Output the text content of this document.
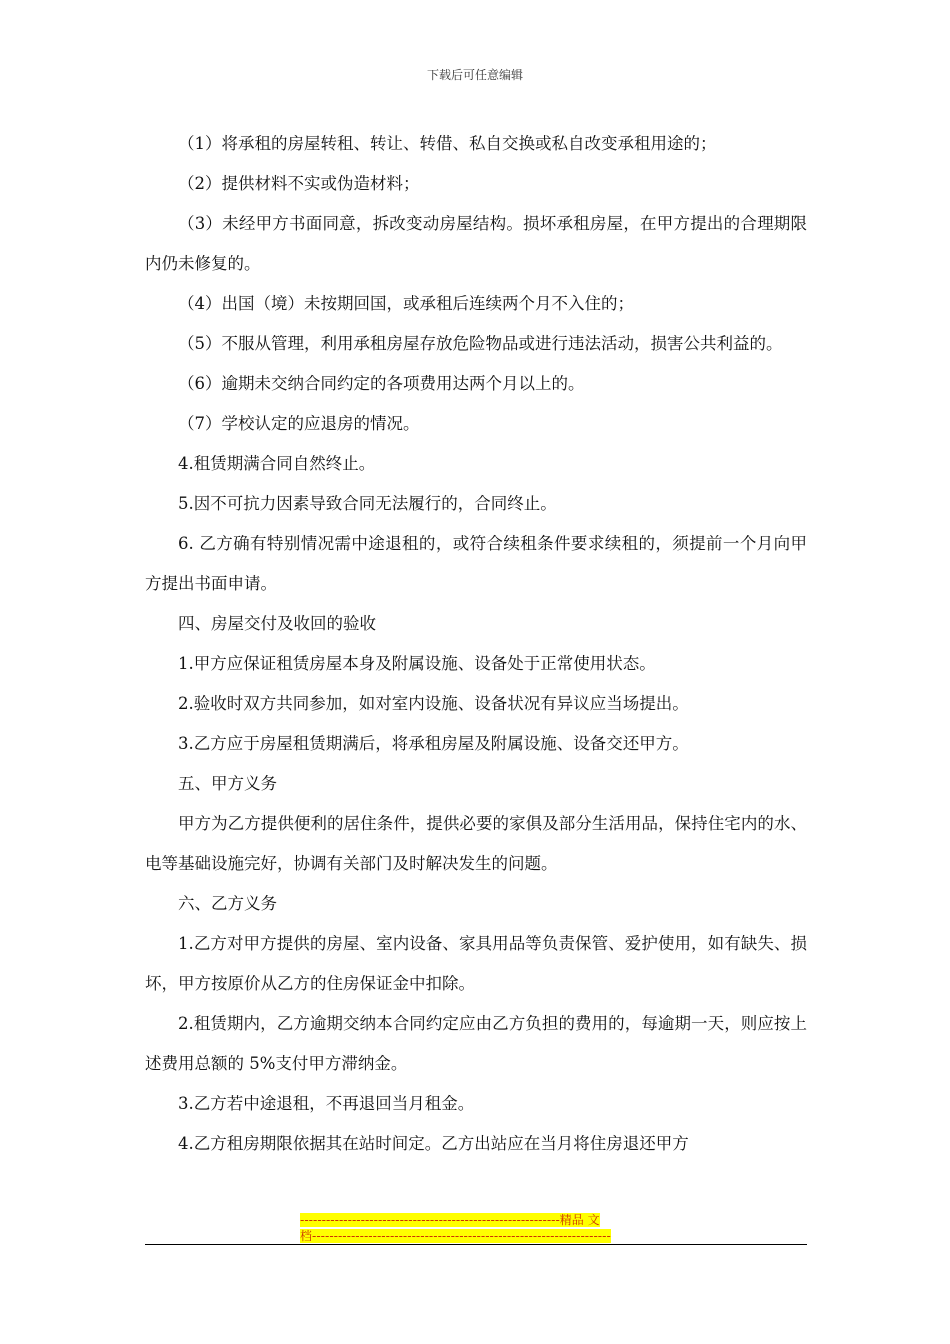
下载后可任意编辑

（1）将承租的房屋转租、转让、转借、私自交换或私自改变承租用途的；

（2）提供材料不实或伪造材料；

（3）未经甲方书面同意，拆改变动房屋结构。损坏承租房屋，在甲方提出的合理期限内仍未修复的。

（4）出国（境）未按期回国，或承租后连续两个月不入住的；

（5）不服从管理，利用承租房屋存放危险物品或进行违法活动，损害公共利益的。

（6）逾期未交纳合同约定的各项费用达两个月以上的。

（7）学校认定的应退房的情况。

4.租赁期满合同自然终止。

5.因不可抗力因素导致合同无法履行的，合同终止。

6. 乙方确有特别情况需中途退租的，或符合续租条件要求续租的，须提前一个月向甲方提出书面申请。

四、房屋交付及收回的验收

1.甲方应保证租赁房屋本身及附属设施、设备处于正常使用状态。

2.验收时双方共同参加，如对室内设施、设备状况有异议应当场提出。

3.乙方应于房屋租赁期满后，将承租房屋及附属设施、设备交还甲方。

五、甲方义务

甲方为乙方提供便利的居住条件，提供必要的家俱及部分生活用品，保持住宅内的水、电等基础设施完好，协调有关部门及时解决发生的问题。

六、乙方义务

1.乙方对甲方提供的房屋、室内设备、家具用品等负责保管、爱护使用，如有缺失、损坏，甲方按原价从乙方的住房保证金中扣除。

2.租赁期内，乙方逾期交纳本合同约定应由乙方负担的费用的，每逾期一天，则应按上述费用总额的 5%支付甲方滞纳金。

3.乙方若中途退租，不再退回当月租金。

4.乙方租房期限依据其在站时间定。乙方出站应在当月将住房退还甲方

------------------------------------------------------------精品 文
档---------------------------------------------------------------------
